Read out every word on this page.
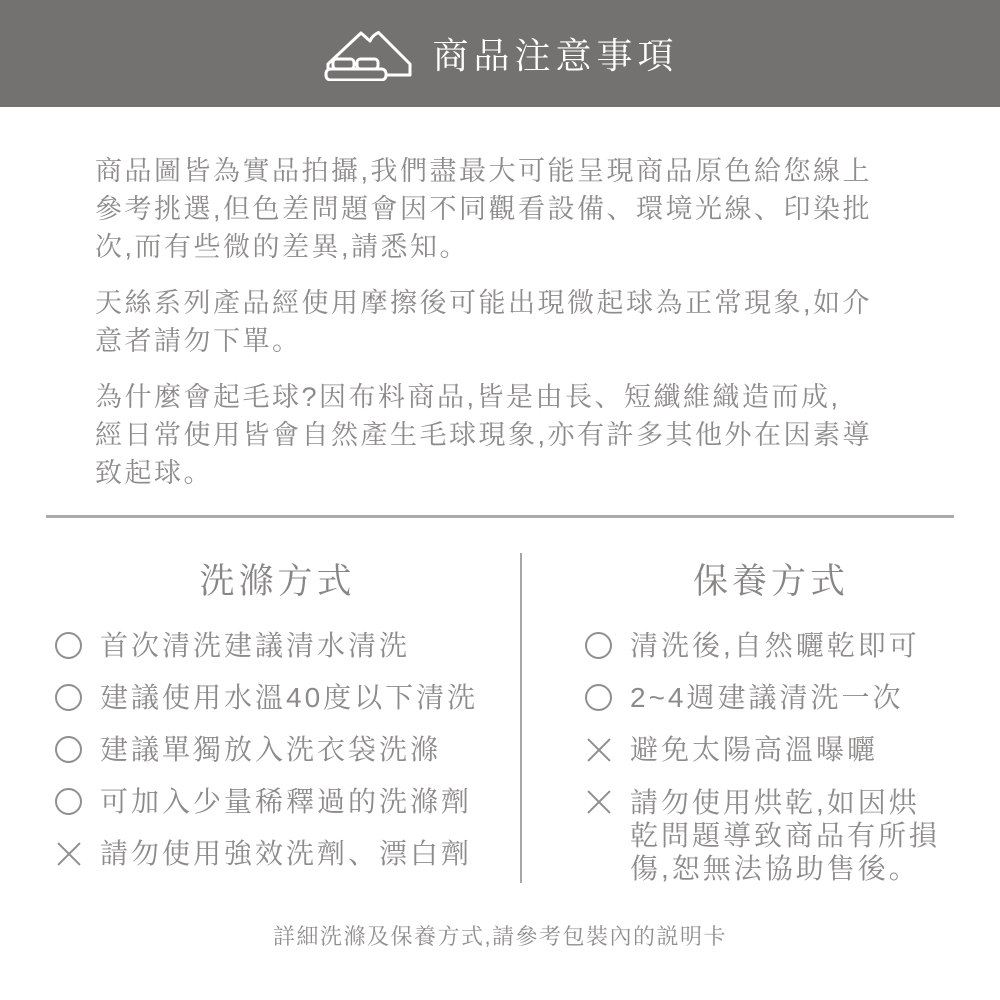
商品注意事項

商品圖皆為實品拍攝,我們盡最大可能呈現商品原色給您線上
參考挑選,但色差問題會因不同觀看設備、環境光線、印染批
次,而有些微的差異,請悉知。

天絲系列產品經使用摩擦後可能出現微起球為正常現象,如介
意者請勿下單。

為什麼會起毛球?因布料商品,皆是由長、短纖維織造而成,
經日常使用皆會自然產生毛球現象,亦有許多其他外在因素導
致起球。

洗滌方式
首次清洗建議清水清洗
建議使用水溫40度以下清洗
建議單獨放入洗衣袋洗滌
可加入少量稀釋過的洗滌劑
請勿使用強效洗劑、漂白劑
保養方式
清洗後,自然曬乾即可
2~4週建議清洗一次
避免太陽高溫曝曬
請勿使用烘乾,如因烘
乾問題導致商品有所損
傷,恕無法協助售後。
詳細洗滌及保養方式,請參考包裝內的説明卡
